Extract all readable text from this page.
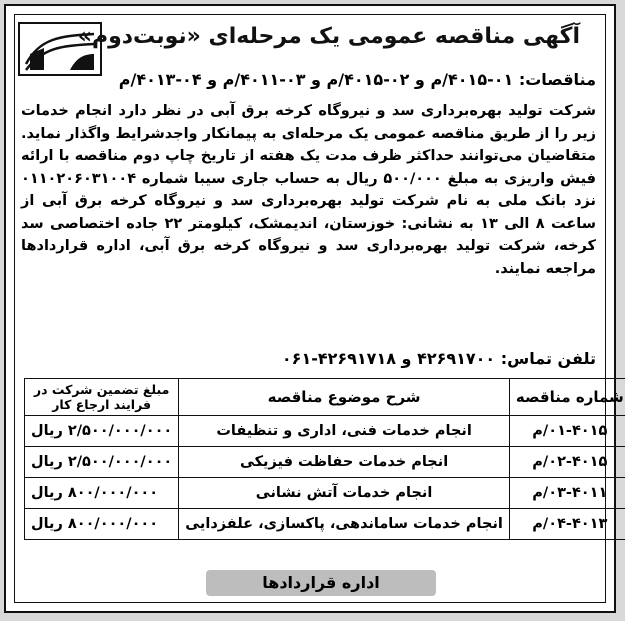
آگهی مناقصه عمومی یک مرحله‌ای «نوبت‌دوم»
مناقصات: ۰۱-۴۰۱۵/م و ۰۲-۴۰۱۵/م و ۰۳-۴۰۱۱/م و ۰۴-۴۰۱۳/م
شرکت تولید بهره‌برداری سد و نیروگاه کرخه برق آبی در نظر دارد انجام خدمات زیر را از طریق مناقصه عمومی یک مرحله‌ای به پیمانکار واجدشرایط واگذار نماید. متقاضیان می‌توانند حداکثر ظرف مدت یک هفته از تاریخ چاپ دوم مناقصه با ارائه فیش واریزی به مبلغ ۵۰۰/۰۰۰ ریال به حساب جاری سیبا شماره ۰۱۱۰۲۰۶۰۳۱۰۰۴ نزد بانک ملی به نام شرکت تولید بهره‌برداری سد و نیروگاه کرخه برق آبی از ساعت ۸ الی ۱۳ به نشانی: خوزستان، اندیمشک، کیلومتر ۲۲ جاده اختصاصی سد کرخه، شرکت تولید بهره‌برداری سد و نیروگاه کرخه برق آبی، اداره قراردادها مراجعه نمایند.
تلفن تماس: ۴۲۶۹۱۷۰۰ و ۴۲۶۹۱۷۱۸-۰۶۱
شماره مناقصه	شرح موضوع مناقصه	مبلغ تضمین شرکت در فرایند ارجاع کار
۰۱-۴۰۱۵/م	انجام خدمات فنی، اداری و تنظیفات	۲/۵۰۰/۰۰۰/۰۰۰ ریال
۰۲-۴۰۱۵/م	انجام خدمات حفاظت فیزیکی	۲/۵۰۰/۰۰۰/۰۰۰ ریال
۰۳-۴۰۱۱/م	انجام خدمات آتش نشانی	۸۰۰/۰۰۰/۰۰۰ ریال
۰۴-۴۰۱۳/م	انجام خدمات ساماندهی، پاکسازی، علفزدایی	۸۰۰/۰۰۰/۰۰۰ ریال
اداره قراردادها
